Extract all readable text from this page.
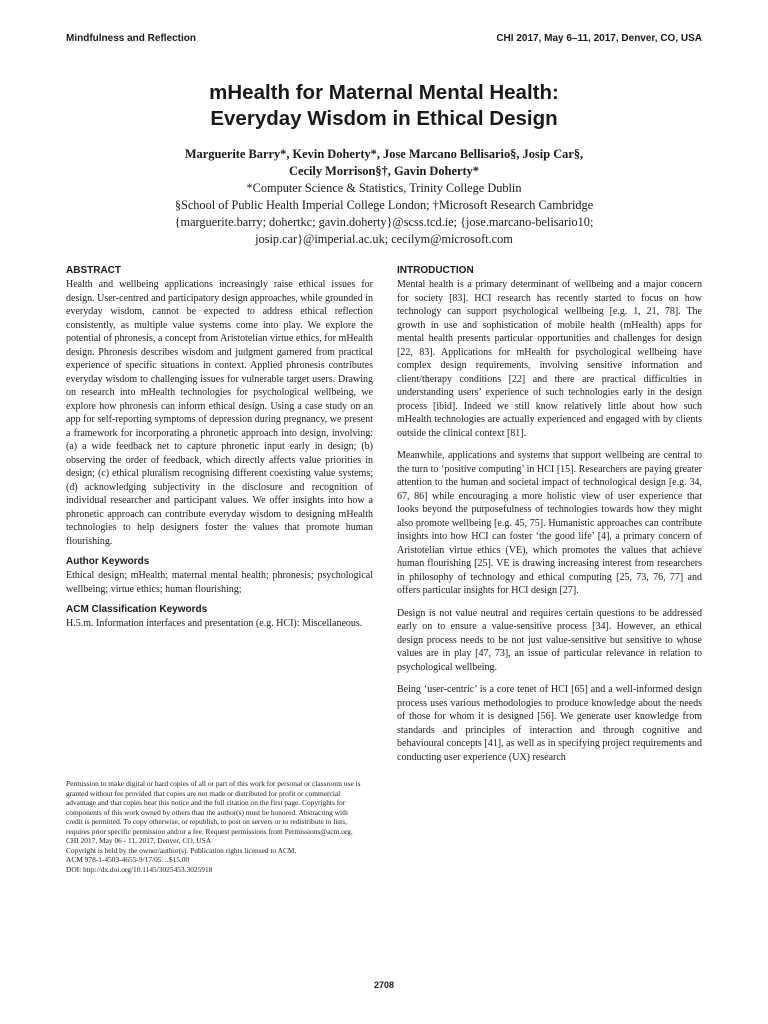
Mindfulness and Reflection	CHI 2017, May 6–11, 2017, Denver, CO, USA
mHealth for Maternal Mental Health:
Everyday Wisdom in Ethical Design
Marguerite Barry*, Kevin Doherty*, Jose Marcano Bellisario§, Josip Car§,
Cecily Morrison§†, Gavin Doherty*
*Computer Science & Statistics, Trinity College Dublin
§School of Public Health Imperial College London; †Microsoft Research Cambridge
{marguerite.barry; dohertkc; gavin.doherty}@scss.tcd.ie; {jose.marcano-belisario10;
josip.car}@imperial.ac.uk; cecilym@microsoft.com
ABSTRACT

Health and wellbeing applications increasingly raise ethical issues for design. User-centred and participatory design approaches, while grounded in everyday wisdom, cannot be expected to address ethical reflection consistently, as multiple value systems come into play. We explore the potential of phronesis, a concept from Aristotelian virtue ethics, for mHealth design. Phronesis describes wisdom and judgment garnered from practical experience of specific situations in context. Applied phronesis contributes everyday wisdom to challenging issues for vulnerable target users. Drawing on research into mHealth technologies for psychological wellbeing, we explore how phronesis can inform ethical design. Using a case study on an app for self-reporting symptoms of depression during pregnancy, we present a framework for incorporating a phronetic approach into design, involving: (a) a wide feedback net to capture phronetic input early in design; (b) observing the order of feedback, which directly affects value priorities in design; (c) ethical pluralism recognising different coexisting value systems; (d) acknowledging subjectivity in the disclosure and recognition of individual researcher and participant values. We offer insights into how a phronetic approach can contribute everyday wisdom to designing mHealth technologies to help designers foster the values that promote human flourishing.

Author Keywords

Ethical design; mHealth; maternal mental health; phronesis; psychological wellbeing; virtue ethics; human flourishing;

ACM Classification Keywords

H.5.m. Information interfaces and presentation (e.g. HCI): Miscellaneous.

Permission to make digital or hard copies of all or part of this work for personal or classroom use is granted without fee provided that copies are not made or distributed for profit or commercial advantage and that copies bear this notice and the full citation on the first page. Copyrights for components of this work owned by others than the author(s) must be honored. Abstracting with credit is permitted. To copy otherwise, or republish, to post on servers or to redistribute to lists, requires prior specific permission and/or a fee. Request permissions from Permissions@acm.org.

CHI 2017, May 06 - 11, 2017, Denver, CO, USA

Copyright is held by the owner/author(s). Publication rights licensed to ACM.

ACM 978-1-4503-4655-9/17/05…$15.00

DOI: http://dx.doi.org/10.1145/3025453.3025918

INTRODUCTION

Mental health is a primary determinant of wellbeing and a major concern for society [83]. HCI research has recently started to focus on how technology can support psychological wellbeing [e.g. 1, 21, 78]. The growth in use and sophistication of mobile health (mHealth) apps for mental health presents particular opportunities and challenges for design [22, 83]. Applications for mHealth for psychological wellbeing have complex design requirements, involving sensitive information and client/therapy conditions [22] and there are practical difficulties in understanding users’ experience of such technologies early in the design process [ibid]. Indeed we still know relatively little about how such mHealth technologies are actually experienced and engaged with by clients outside the clinical context [81].

Meanwhile, applications and systems that support wellbeing are central to the turn to ‘positive computing’ in HCI [15]. Researchers are paying greater attention to the human and societal impact of technological design [e.g. 34, 67, 86] while encouraging a more holistic view of user experience that looks beyond the purposefulness of technologies towards how they might also promote wellbeing [e.g. 45, 75]. Humanistic approaches can contribute insights into how HCI can foster ‘the good life’ [4], a primary concern of Aristotelian virtue ethics (VE), which promotes the values that achieve human flourishing [25]. VE is drawing increasing interest from researchers in philosophy of technology and ethical computing [25, 73, 76, 77] and offers particular insights for HCI design [27].

Design is not value neutral and requires certain questions to be addressed early on to ensure a value-sensitive process [34]. However, an ethical design process needs to be not just value-sensitive but sensitive to whose values are in play [47, 73], an issue of particular relevance in relation to psychological wellbeing.

Being ‘user-centric’ is a core tenet of HCI [65] and a well-informed design process uses various methodologies to produce knowledge about the needs of those for whom it is designed [56]. We generate user knowledge from standards and principles of interaction and through cognitive and behavioural concepts [41], as well as in specifying project requirements and conducting user experience (UX) research

2708
